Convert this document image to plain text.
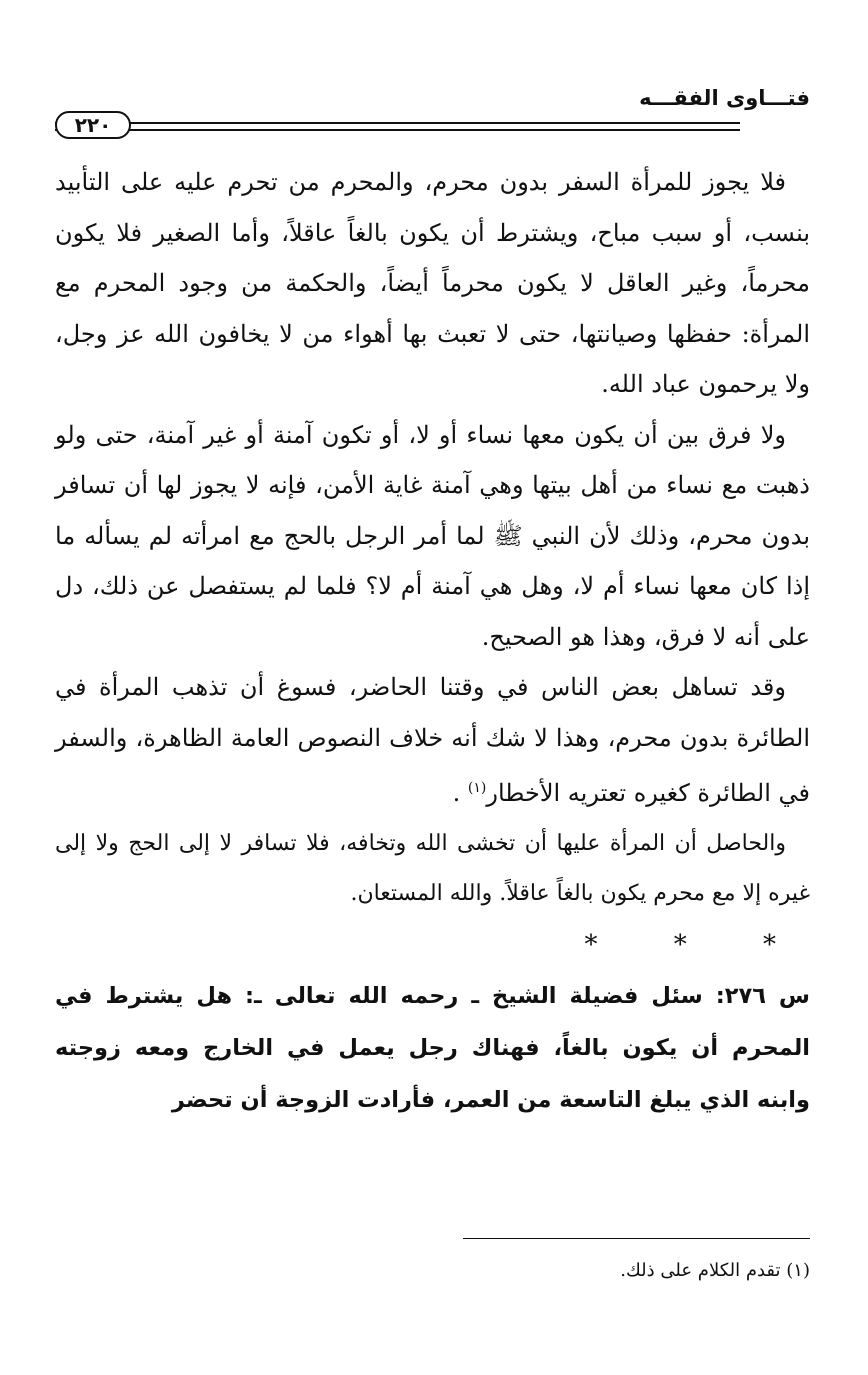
فتـــاوى الفقـــه
٢٢٠

فلا يجوز للمرأة السفر بدون محرم، والمحرم من تحرم عليه على التأبيد بنسب، أو سبب مباح، ويشترط أن يكون بالغاً عاقلاً، وأما الصغير فلا يكون محرماً، وغير العاقل لا يكون محرماً أيضاً، والحكمة من وجود المحرم مع المرأة: حفظها وصيانتها، حتى لا تعبث بها أهواء من لا يخافون الله عز وجل، ولا يرحمون عباد الله.

ولا فرق بين أن يكون معها نساء أو لا، أو تكون آمنة أو غير آمنة، حتى ولو ذهبت مع نساء من أهل بيتها وهي آمنة غاية الأمن، فإنه لا يجوز لها أن تسافر بدون محرم، وذلك لأن النبي ﷺ لما أمر الرجل بالحج مع امرأته لم يسأله ما إذا كان معها نساء أم لا، وهل هي آمنة أم لا؟ فلما لم يستفصل عن ذلك، دل على أنه لا فرق، وهذا هو الصحيح.

وقد تساهل بعض الناس في وقتنا الحاضر، فسوغ أن تذهب المرأة في الطائرة بدون محرم، وهذا لا شك أنه خلاف النصوص العامة الظاهرة، والسفر في الطائرة كغيره تعتريه الأخطار$^{(١)}$ .

والحاصل أن المرأة عليها أن تخشى الله وتخافه، فلا تسافر لا إلى الحج ولا إلى غيره إلا مع محرم يكون بالغاً عاقلاً. والله المستعان.

* * *

س ٢٧٦: سئل فضيلة الشيخ ـ رحمه الله تعالى ـ: هل يشترط في المحرم أن يكون بالغاً، فهناك رجل يعمل في الخارج ومعه زوجته وابنه الذي يبلغ التاسعة من العمر، فأرادت الزوجة أن تحضر

(١) تقدم الكلام على ذلك.
